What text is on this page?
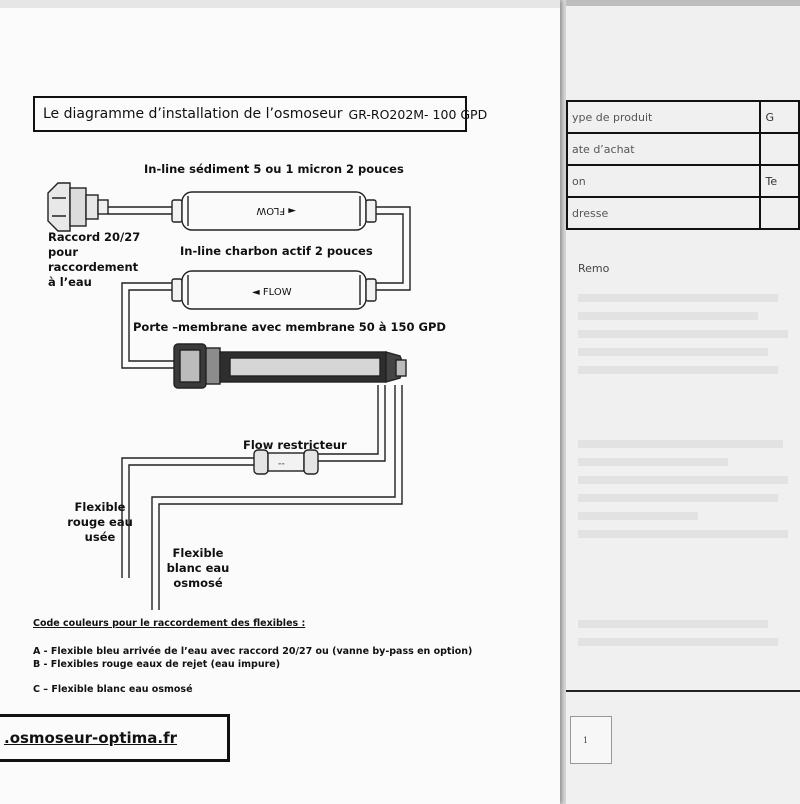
Le diagramme d’installation de l’osmoseur GR-RO202M- 100 GPD
◄ FLOW
◄ FLOW
≡≡
In-line sédiment 5 ou 1 micron 2 pouces
Raccord 20/27
pour
raccordement
à l’eau
In-line charbon actif 2 pouces
Porte –membrane avec membrane 50 à 150 GPD
Flow restricteur
Flexible
rouge eau
usée
Flexible
blanc eau
osmosé
Code couleurs pour le raccordement des flexibles :
A - Flexible bleu arrivée de l’eau avec raccord 20/27 ou (vanne by-pass en option)
B - Flexibles rouge eaux de rejet (eau impure)
C – Flexible blanc eau osmosé
.osmoseur-optima.fr
ype de produit	G
ate d’achat	
on	Te
dresse	
Remo
1
